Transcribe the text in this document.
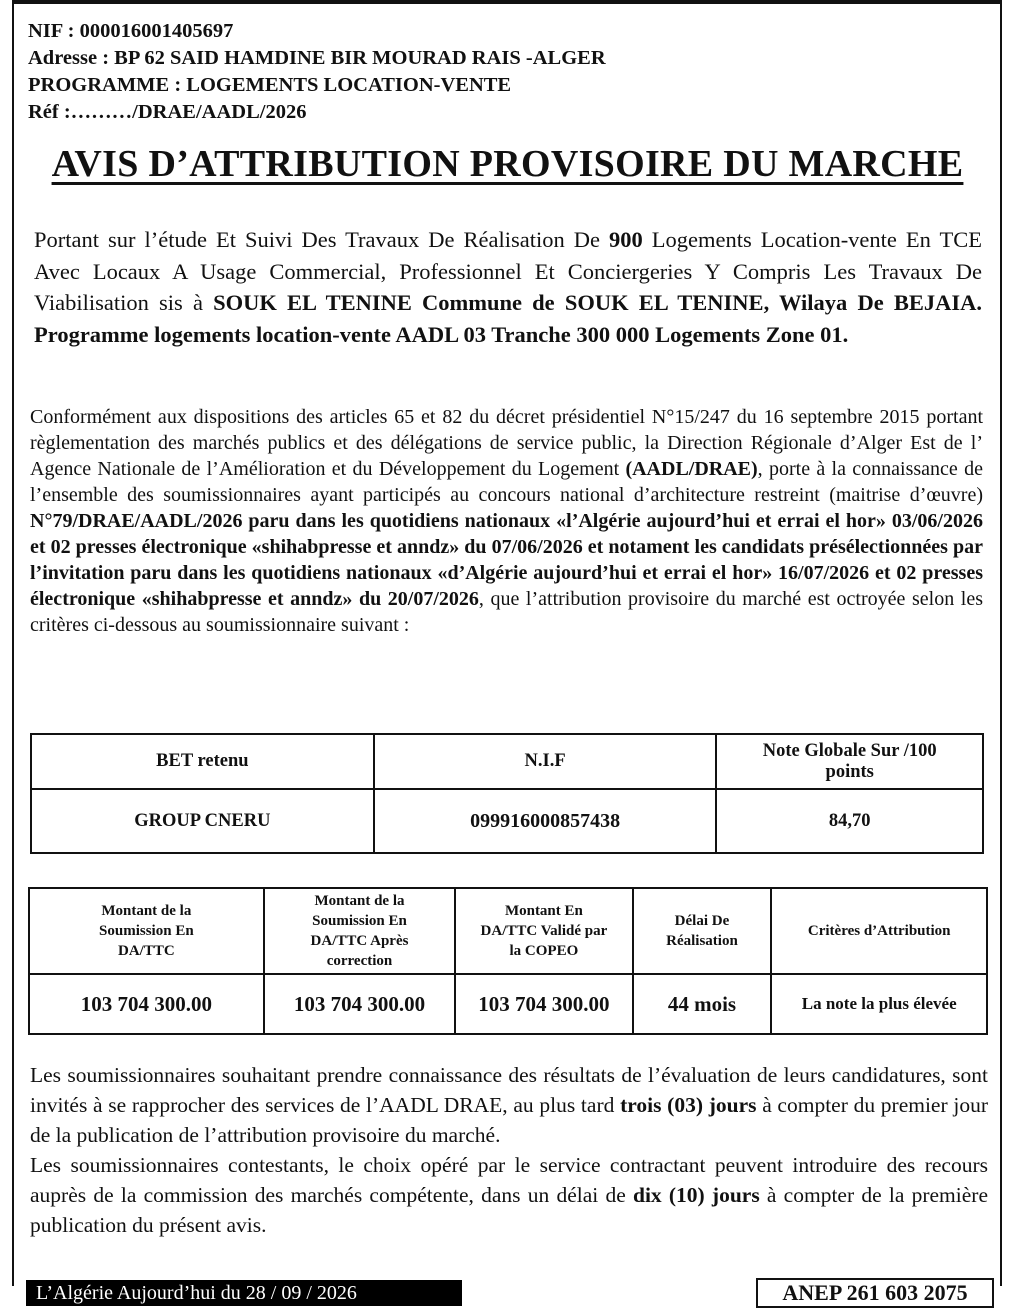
NIF : 000016001405697
Adresse : BP 62 SAID HAMDINE BIR MOURAD RAIS -ALGER
PROGRAMME : LOGEMENTS LOCATION-VENTE
Réf :………/DRAE/AADL/2026
AVIS D’ATTRIBUTION PROVISOIRE DU MARCHE
Portant sur l’étude Et Suivi Des Travaux De Réalisation De 900 Logements Location-vente En TCE Avec Locaux A Usage Commercial, Professionnel Et Conciergeries Y Compris Les Travaux De Viabilisation sis à SOUK EL TENINE Commune de SOUK EL TENINE, Wilaya De BEJAIA. Programme logements location-vente AADL 03 Tranche 300 000 Logements Zone 01.
Conformément aux dispositions des articles 65 et 82 du décret présidentiel N°15/247 du 16 septembre 2015 portant règlementation des marchés publics et des délégations de service public, la Direction Régionale d’Alger Est de l’ Agence Nationale de l’Amélioration et du Développement du Logement (AADL/DRAE), porte à la connaissance de l’ensemble des soumissionnaires ayant participés au concours national d’architecture restreint (maitrise d’œuvre) N°79/DRAE/AADL/2026 paru dans les quotidiens nationaux «l’Algérie aujourd’hui et errai el hor» 03/06/2026 et 02 presses électronique «shihabpresse et anndz» du 07/06/2026 et notament les candidats présélectionnées par l’invitation paru dans les quotidiens nationaux «d’Algérie aujourd’hui et errai el hor» 16/07/2026 et 02 presses électronique «shihabpresse et anndz» du 20/07/2026, que l’attribution provisoire du marché est octroyée selon les critères ci-dessous au soumissionnaire suivant :
BET retenu	N.I.F	Note Globale Sur /100 points
GROUP CNERU	099916000857438	84,70
Montant de la Soumission En DA/TTC	Montant de la Soumission En DA/TTC Après correction	Montant En DA/TTC Validé par la COPEO	Délai De Réalisation	Critères d’Attribution
103 704 300.00	103 704 300.00	103 704 300.00	44 mois	La note la plus élevée
Les soumissionnaires souhaitant prendre connaissance des résultats de l’évaluation de leurs candidatures, sont invités à se rapprocher des services de l’AADL DRAE, au plus tard trois (03) jours à compter du premier jour de la publication de l’attribution provisoire du marché.
Les soumissionnaires contestants, le choix opéré par le service contractant peuvent introduire des recours auprès de la commission des marchés compétente, dans un délai de dix (10) jours à compter de la première publication du présent avis.
L’Algérie Aujourd’hui du 28 / 09 / 2026	ANEP 261 603 2075
